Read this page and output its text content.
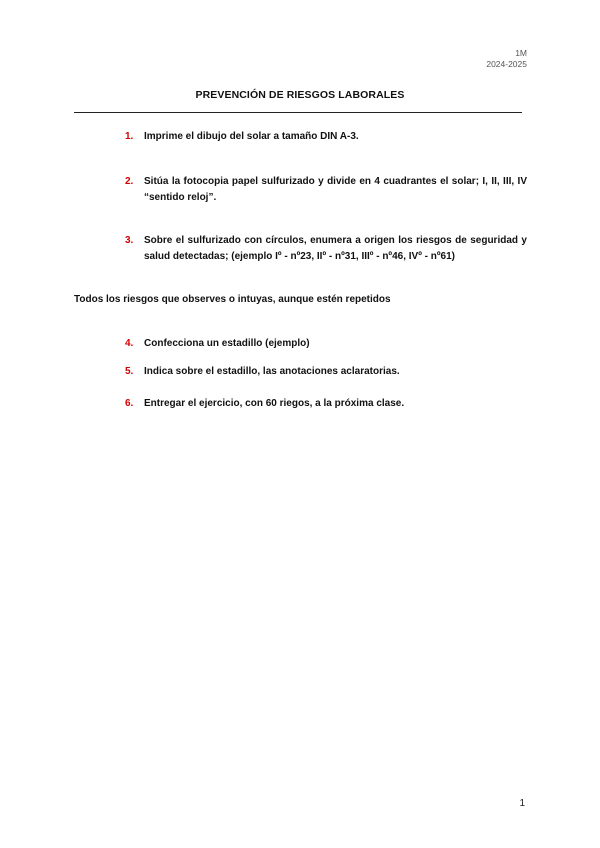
1M
2024-2025
PREVENCIÓN DE RIESGOS LABORALES
1. Imprime el dibujo del solar a tamaño DIN A-3.
2. Sitúa la fotocopia papel sulfurizado y divide en 4 cuadrantes el solar; I, II, III, IV “sentido reloj”.
3. Sobre el sulfurizado con círculos, enumera a origen los riesgos de seguridad y salud detectadas; (ejemplo Iº - nº23, IIº - nº31, IIIº - nº46, IVº - nº61)
Todos los riesgos que observes o intuyas, aunque estén repetidos
4. Confecciona un estadillo (ejemplo)
5. Indica sobre el estadillo, las anotaciones aclaratorias.
6. Entregar el ejercicio, con 60 riegos, a la próxima clase.
1
